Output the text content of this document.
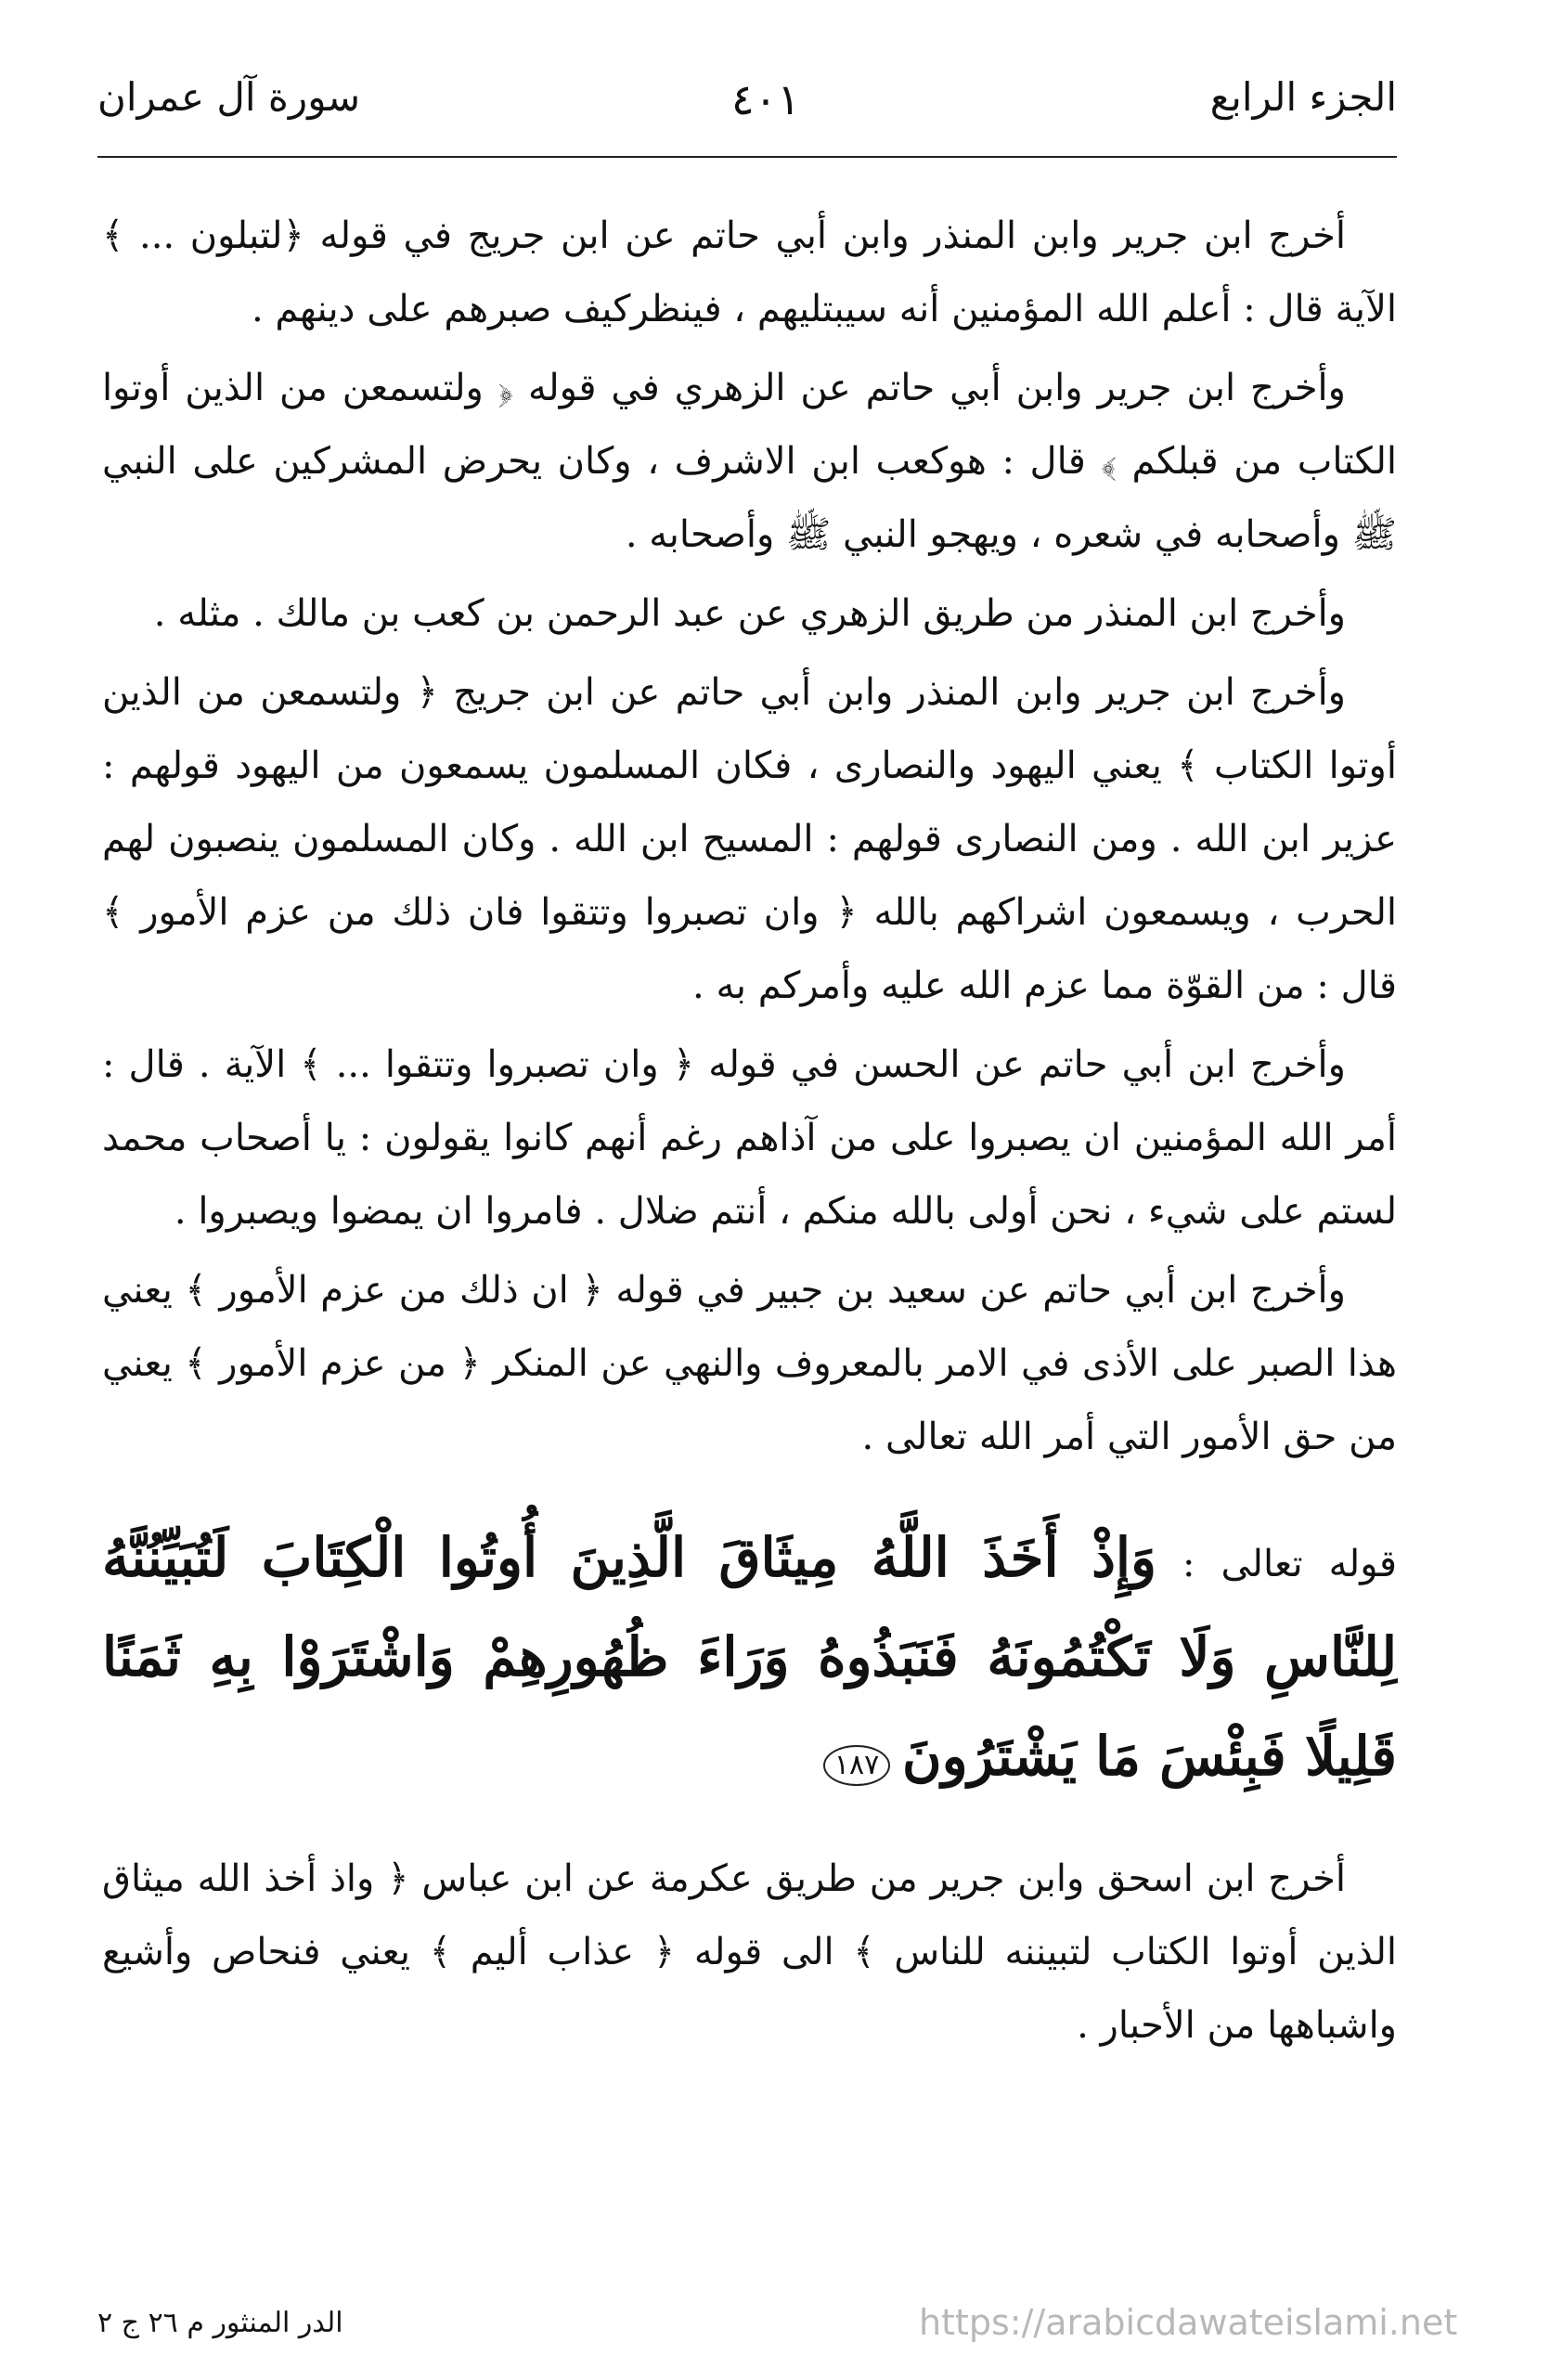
الجزء الرابع
٤٠١
سورة آل عمران

أخرج ابن جرير وابن المنذر وابن أبي حاتم عن ابن جريج في قوله ﴿لتبلون ... ﴾ الآية قال : أعلم الله المؤمنين أنه سيبتليهم ، فينظركيف صبرهم على دينهم .

وأخرج ابن جرير وابن أبي حاتم عن الزهري في قوله ﴿ ولتسمعن من الذين أوتوا الكتاب من قبلكم ﴾ قال : هوكعب ابن الاشرف ، وكان يحرض المشركين على النبي ﷺ وأصحابه في شعره ، ويهجو النبي ﷺ وأصحابه .

وأخرج ابن المنذر من طريق الزهري عن عبد الرحمن بن كعب بن مالك . مثله .

وأخرج ابن جرير وابن المنذر وابن أبي حاتم عن ابن جريج ﴿ ولتسمعن من الذين أوتوا الكتاب ﴾ يعني اليهود والنصارى ، فكان المسلمون يسمعون من اليهود قولهم : عزير ابن الله . ومن النصارى قولهم : المسيح ابن الله . وكان المسلمون ينصبون لهم الحرب ، ويسمعون اشراكهم بالله ﴿ وان تصبروا وتتقوا فان ذلك من عزم الأمور ﴾ قال : من القوّة مما عزم الله عليه وأمركم به .

وأخرج ابن أبي حاتم عن الحسن في قوله ﴿ وان تصبروا وتتقوا ... ﴾ الآية . قال : أمر الله المؤمنين ان يصبروا على من آذاهم رغم أنهم كانوا يقولون : يا أصحاب محمد لستم على شيء ، نحن أولى بالله منكم ، أنتم ضلال . فامروا ان يمضوا ويصبروا .

وأخرج ابن أبي حاتم عن سعيد بن جبير في قوله ﴿ ان ذلك من عزم الأمور ﴾ يعني هذا الصبر على الأذى في الامر بالمعروف والنهي عن المنكر ﴿ من عزم الأمور ﴾ يعني من حق الأمور التي أمر الله تعالى .

قوله تعالى : وَإِذْ أَخَذَ اللَّهُ مِيثَاقَ الَّذِينَ أُوتُوا الْكِتَابَ لَتُبَيِّنُنَّهُ لِلنَّاسِ وَلَا تَكْتُمُونَهُ فَنَبَذُوهُ وَرَاءَ ظُهُورِهِمْ وَاشْتَرَوْا بِهِ ثَمَنًا قَلِيلًا فَبِئْسَ مَا يَشْتَرُونَ ١٨٧

أخرج ابن اسحق وابن جرير من طريق عكرمة عن ابن عباس ﴿ واذ أخذ الله ميثاق الذين أوتوا الكتاب لتبيننه للناس ﴾ الى قوله ﴿ عذاب أليم ﴾ يعني فنحاص وأشيع واشباهها من الأحبار .

الدر المنثور م ٢٦ ج ٢	https://arabicdawateislami.net
